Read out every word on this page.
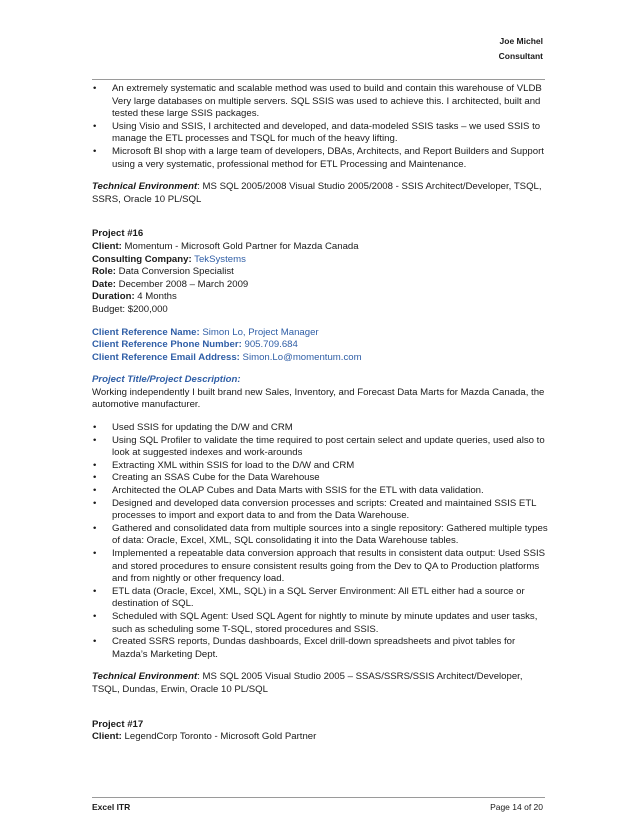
Joe Michel
Consultant
• An extremely systematic and scalable method was used to build and contain this warehouse of VLDB Very large databases on multiple servers. SQL SSIS was used to achieve this. I architected, built and tested these large SSIS packages.
• Using Visio and SSIS, I architected and developed, and data-modeled SSIS tasks – we used SSIS to manage the ETL processes and TSQL for much of the heavy lifting.
• Microsoft BI shop with a large team of developers, DBAs, Architects, and Report Builders and Support using a very systematic, professional method for ETL Processing and Maintenance.
Technical Environment: MS SQL 2005/2008 Visual Studio 2005/2008 - SSIS Architect/Developer, TSQL, SSRS, Oracle 10 PL/SQL
Project #16
Client: Momentum - Microsoft Gold Partner for Mazda Canada
Consulting Company: TekSystems
Role: Data Conversion Specialist
Date: December 2008 – March 2009
Duration: 4 Months
Budget: $200,000
Client Reference Name: Simon Lo, Project Manager
Client Reference Phone Number: 905.709.684
Client Reference Email Address: Simon.Lo@momentum.com
Project Title/Project Description:
Working independently I built brand new Sales, Inventory, and Forecast Data Marts for Mazda Canada, the automotive manufacturer.
• Used SSIS for updating the D/W and CRM
• Using SQL Profiler to validate the time required to post certain select and update queries, used also to look at suggested indexes and work-arounds
• Extracting XML within SSIS for load to the D/W and CRM
• Creating an SSAS Cube for the Data Warehouse
• Architected the OLAP Cubes and Data Marts with SSIS for the ETL with data validation.
• Designed and developed data conversion processes and scripts: Created and maintained SSIS ETL processes to import and export data to and from the Data Warehouse.
• Gathered and consolidated data from multiple sources into a single repository: Gathered multiple types of data: Oracle, Excel, XML, SQL consolidating it into the Data Warehouse tables.
• Implemented a repeatable data conversion approach that results in consistent data output: Used SSIS and stored procedures to ensure consistent results going from the Dev to QA to Production platforms and from nightly or other frequency load.
• ETL data (Oracle, Excel, XML, SQL) in a SQL Server Environment: All ETL either had a source or destination of SQL.
• Scheduled with SQL Agent: Used SQL Agent for nightly to minute by minute updates and user tasks, such as scheduling some T-SQL, stored procedures and SSIS.
• Created SSRS reports, Dundas dashboards, Excel drill-down spreadsheets and pivot tables for Mazda’s Marketing Dept.
Technical Environment: MS SQL 2005 Visual Studio 2005 – SSAS/SSRS/SSIS Architect/Developer, TSQL, Dundas, Erwin, Oracle 10 PL/SQL
Project #17
Client: LegendCorp Toronto - Microsoft Gold Partner
Excel ITR	Page 14 of 20
